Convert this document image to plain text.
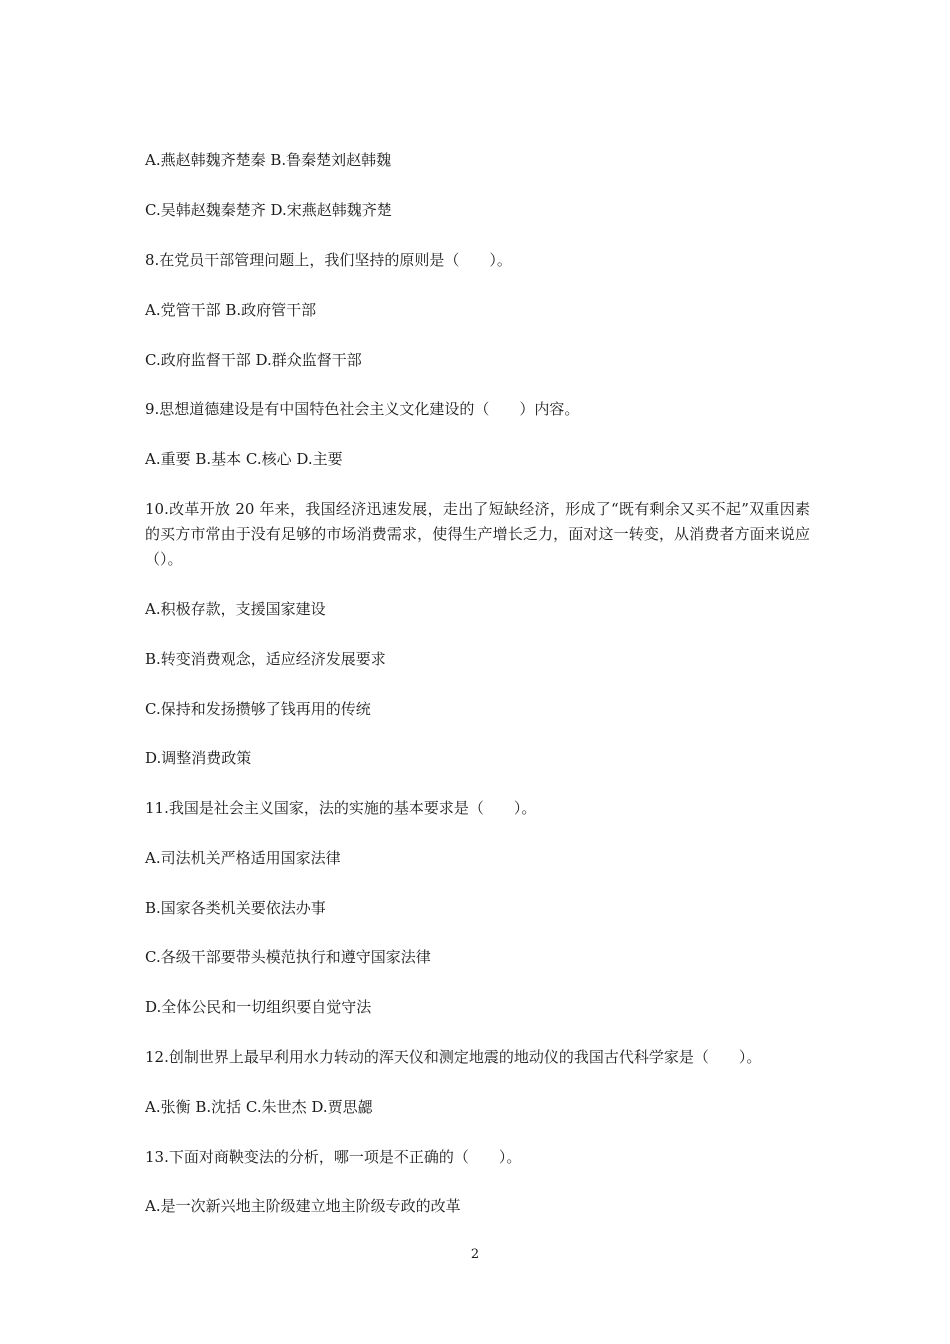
A.燕赵韩魏齐楚秦 B.鲁秦楚刘赵韩魏
C.吴韩赵魏秦楚齐 D.宋燕赵韩魏齐楚
8.在党员干部管理问题上，我们坚持的原则是（　　）。
A.党管干部 B.政府管干部
C.政府监督干部 D.群众监督干部
9.思想道德建设是有中国特色社会主义文化建设的（　　）内容。
A.重要 B.基本 C.核心 D.主要
10.改革开放 20 年来，我国经济迅速发展，走出了短缺经济，形成了“既有剩余又买不起”双重因素的买方市常由于没有足够的市场消费需求，使得生产增长乏力，面对这一转变，从消费者方面来说应（）。
A.积极存款，支援国家建设
B.转变消费观念，适应经济发展要求
C.保持和发扬攒够了钱再用的传统
D.调整消费政策
11.我国是社会主义国家，法的实施的基本要求是（　　）。
A.司法机关严格适用国家法律
B.国家各类机关要依法办事
C.各级干部要带头模范执行和遵守国家法律
D.全体公民和一切组织要自觉守法
12.创制世界上最早利用水力转动的浑天仪和测定地震的地动仪的我国古代科学家是（　　）。
A.张衡 B.沈括 C.朱世杰 D.贾思勰
13.下面对商鞅变法的分析，哪一项是不正确的（　　）。
A.是一次新兴地主阶级建立地主阶级专政的改革
2
